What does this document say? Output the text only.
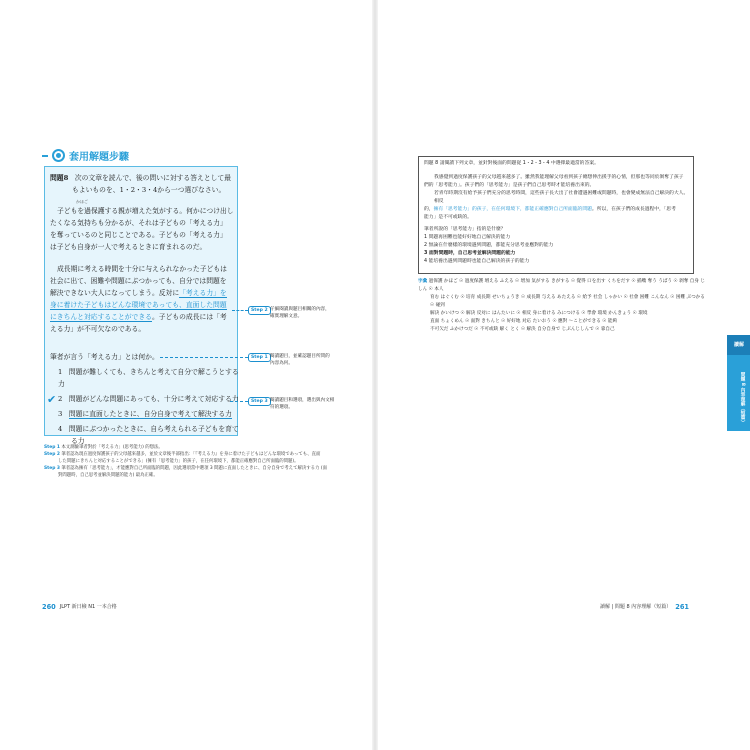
套用解題步驟
問題8 次の文章を読んで、後の問いに対する答えとして最
もよいものを、1・2・3・4から一つ選びなさい。
かほご
子どもを過保護する親が増えた気がする。何かにつけ出し
たくなる気持ちも分かるが、それは子どもの「考える力」
を奪っているのと同じことである。子どもの「考える力」
は子ども自身が一人で考えるときに育まれるのだ。
成長期に考える時間を十分に与えられなかった子どもは
社会に出て、困難や問題にぶつかっても、自分では問題を
解決できない大人になってしまう。反対に「考える力」を
身に着けた子どもはどんな環境であっても、直面した問題
にきちんと対応することができる。子どもの成長には「考
える力」が不可欠なのである。
筆者が言う「考える力」とは何か。
1 問題が難しくても、きちんと考えて自分で解こうとする力
2 問題がどんな問題にあっても、十分に考えて対応する力
3 問題に直面したときに、自分自身で考えて解決する力
4 問題にぶつかったときに、自ら考えられる子どもを育て
る力
✔
Step 2 仔細閱讀與題目相關的內容，
確實理解文意。
Step 1 閱讀題目，並確認題目所問的
內容為何。
Step 3 閱讀題目和選項，選出與內文相
符的選項。
Step 1 本文測驗筆者對於「考える力」(思考能力) 的想法。
Step 2 筆者認為現在過度保護孩子的父母越來越多，並於文章後半部指出：「『考える力』を身に着けた子どもはどんな環境であっても、直面
した問題にきちんと対応することができる」(擁有「思考能力」的孩子，在任何環境下，都能正確應對自己所面臨的問題)。
Step 3 筆者認為擁有「思考能力」，才能應對自己所面臨的問題，因此選項當中選項 3 問題に直面したときに、自分自身で考えて解決する力 (面
對問題時，自己思考並解決問題的能力) 最為正確。
260 JLPT 新日檢 N1 一本合格
問題 8 請閱讀下列文章，並針對後面的問題從 1・2・3・4 中選擇最適當的答案。
我感覺到過度保護孩子的父母越來越多了。雖然我能理解父母看到孩子總想伸出援手的心情，但那也等同於剝奪了孩子
們的「思考能力」。孩子們的「思考能力」是孩子們自己思考時才能培養出來的。
若青年時期沒有給予孩子們充分的思考時間，這些孩子長大出了社會遭遇困難或問題時，也會變成無法自己解決的大人。相反
的，擁有「思考能力」的孩子，在任何環境下，都能正確應對自己所面臨的問題。所以，在孩子們的成長過程中，「思考
能力」是不可或缺的。
筆者所說的「思考能力」指的是什麼？
1 問題再困難也能好好地自己解決的能力
2 無論在什麼樣的環境遇到問題，都能充分思考並應對的能力
3 面對問題時，自己思考並解決問題的能力
4 能培養出遇到問題時也能自己解決的孩子的能力
字彙 過保護 かほご ☉ 過度保護 増える ふえる ☉ 增加 気がする きがする ☉ 覺得 口を出す くちをだす ☉ 插嘴 奪う うばう ☉ 剝奪 自身 じしん ☉ 本人
育む はぐくむ ☉ 培育 成長期 せいちょうき ☉ 成長期 与える あたえる ☉ 給予 社会 しゃかい ☉ 社會 困難 こんなん ☉ 困難 ぶつかる ☉ 碰到
解決 かいけつ ☉ 解決 反対に はんたいに ☉ 相反 身に着ける みにつける ☉ 學會 環境 かんきょう ☉ 環境
直面 ちょくめん ☉ 面對 きちんと ☉ 好好地 対応 たいおう ☉ 應對 ～ことができる ☉ 能夠
不可欠だ ふかけつだ ☉ 不可或缺 解く とく ☉ 解決 自分自身で じぶんじしんで ☉ 靠自己
讀解
問題 8 內容理解（短篇）
讀解 | 問題 8 內容理解（短篇） 261
